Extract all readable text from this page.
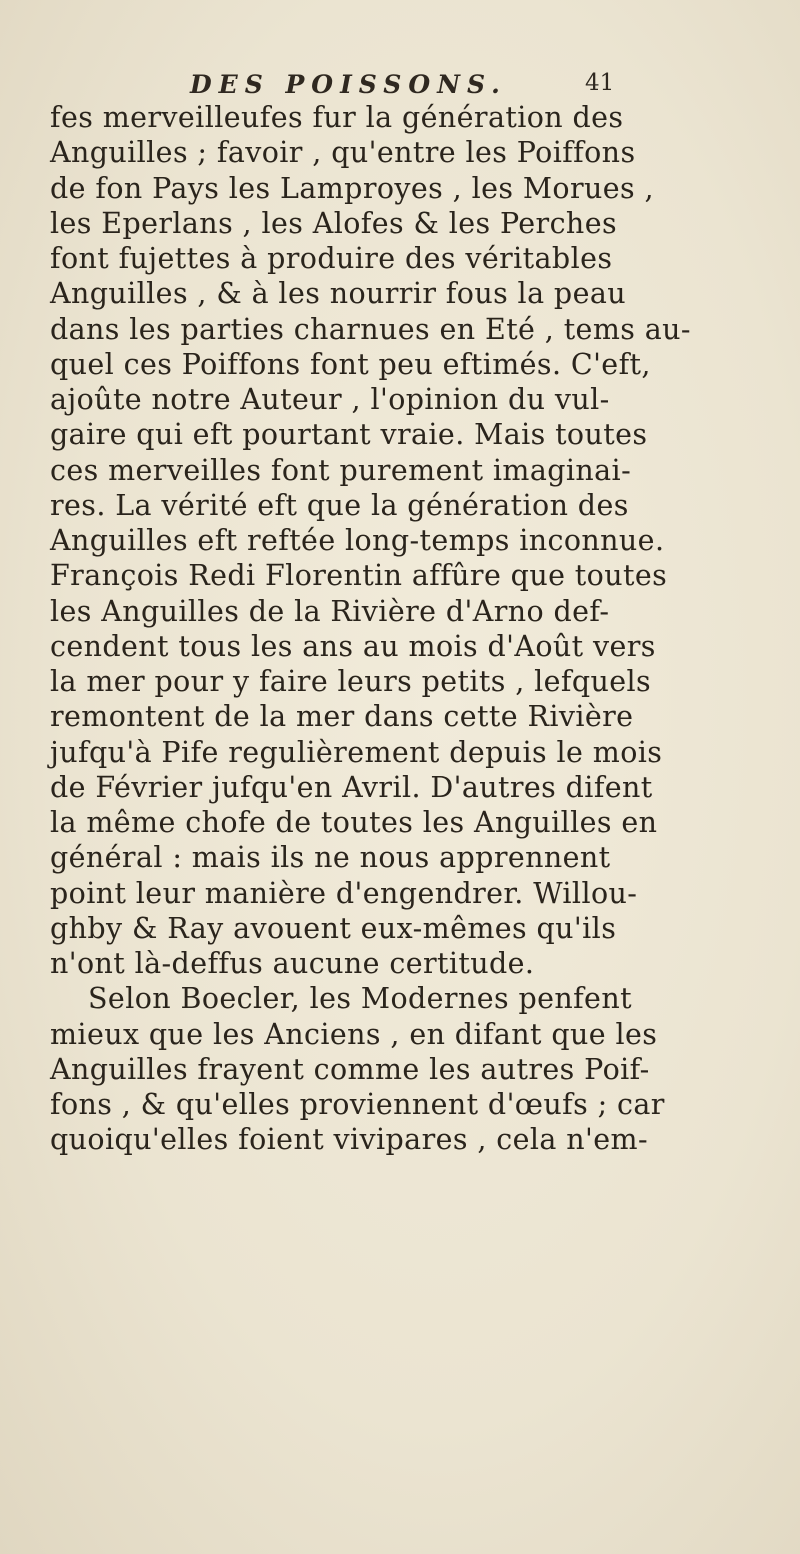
DES POISSONS.	41
fes merveilleufes fur la génération des
Anguilles ; favoir , qu'entre les Poiffons
de fon Pays les Lamproyes , les Morues ,
les Eperlans , les Alofes & les Perches
font fujettes à produire des véritables
Anguilles , & à les nourrir fous la peau
dans les parties charnues en Eté , tems au-
quel ces Poiffons font peu eftimés. C'eft,
ajoûte notre Auteur , l'opinion du vul-
gaire qui eft pourtant vraie. Mais toutes
ces merveilles font purement imaginai-
res. La vérité eft que la génération des
Anguilles eft reftée long-temps inconnue.
François Redi Florentin affûre que toutes
les Anguilles de la Rivière d'Arno def-
cendent tous les ans au mois d'Août vers
la mer pour y faire leurs petits , lefquels
remontent de la mer dans cette Rivière
jufqu'à Pife regulièrement depuis le mois
de Février jufqu'en Avril. D'autres difent
la même chofe de toutes les Anguilles en
général : mais ils ne nous apprennent
point leur manière d'engendrer. Willou-
ghby & Ray avouent eux-mêmes qu'ils
n'ont là-deffus aucune certitude.
Selon Boecler, les Modernes penfent
mieux que les Anciens , en difant que les
Anguilles frayent comme les autres Poif-
fons , & qu'elles proviennent d'œufs ; car
quoiqu'elles foient vivipares , cela n'em-
